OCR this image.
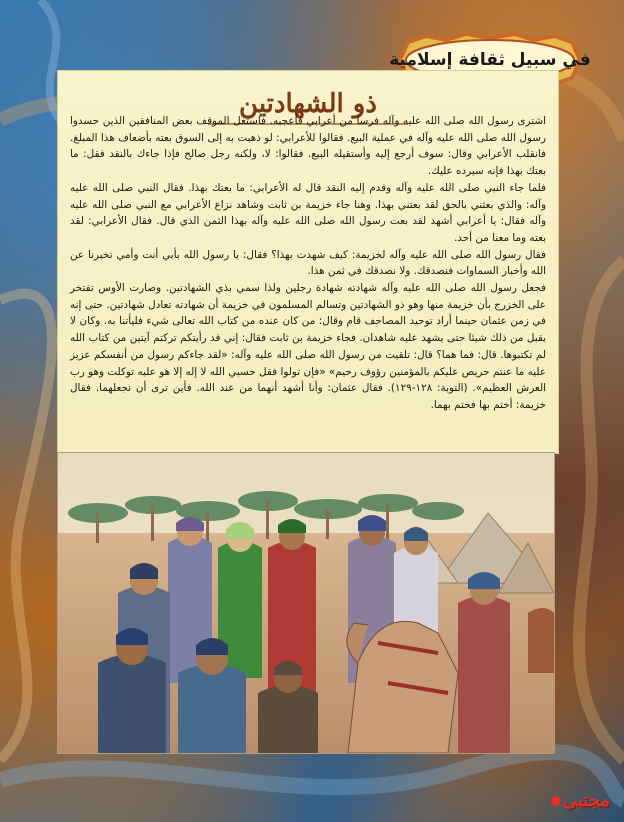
في سبيل ثقافة إسلامية
ذو الشهادتين

اشترى رسول الله صلى الله عليه وآله فرسا من أعرابي فأعجبه. فاستغل الموقف بعض المنافقين الذين حسدوا رسول الله صلى الله عليه وآله في عملية البيع. فقالوا للأعرابي: لو ذهبت به إلى السوق بعته بأضعاف هذا المبلغ. فانقلب الأعرابي وقال: سوف أرجع إليه وأستقيله البيع. فقالوا: لا، ولكنه رجل صالح فإذا جاءك بالنقد فقل: ما بعتك بهذا فإنه سيرده عليك.

فلما جاء النبي صلى الله عليه وآله وقدم إليه النقد قال له الأعرابي: ما بعتك بهذا. فقال النبي صلى الله عليه وآله: والذي بعثني بالحق لقد بعتني بهذا. وهنا جاء خزيمة بن ثابت وشاهد نزاع الأعرابي مع النبي صلى الله عليه وآله فقال: يا أعرابي أشهد لقد بعت رسول الله صلى الله عليه وآله بهذا الثمن الذي قال. فقال الأعرابي: لقد بعته وما معنا من أحد.

فقال رسول الله صلى الله عليه وآله لخزيمة: كيف شهدت بهذا؟ فقال: يا رسول الله بأبي أنت وأمي تخبرنا عن الله وأخبار السماوات فنصدقك. ولا نصدقك في ثمن هذا.

فجعل رسول الله صلى الله عليه وآله شهادته شهادة رجلين ولذا سمي بذي الشهادتين. وصارت الأوس تفتخر على الخزرج بأن خزيمة منها وهو ذو الشهادتين وتسالم المسلمون في خزيمة أن شهادته تعادل شهادتين. حتى إنه في زمن عثمان حينما أراد توحيد المصاحف قام وقال: من كان عنده من كتاب الله تعالى شيء فليأتنا به. وكان لا يقبل من ذلك شيئا حتى يشهد عليه شاهدان. فجاء خزيمة بن ثابت فقال: إني قد رأيتكم تركتم آيتين من كتاب الله لم تكتبوها. قال: فما هما؟ قال: تلقيت من رسول الله صلى الله عليه وآله: «لقد جاءكم رسول من أنفسكم عزيز عليه ما عنتم حريص عليكم بالمؤمنين رؤوف رحيم» «فإن تولوا فقل حسبي الله لا إله إلا هو عليه توكلت وهو رب العرش العظيم». (التوبة: ١٢٨-١٢٩). فقال عثمان: وأنا أشهد أنهما من عند الله. فأين ترى أن نجعلهما. فقال خزيمة: أختم بها فختم بهما.

مجتبى
